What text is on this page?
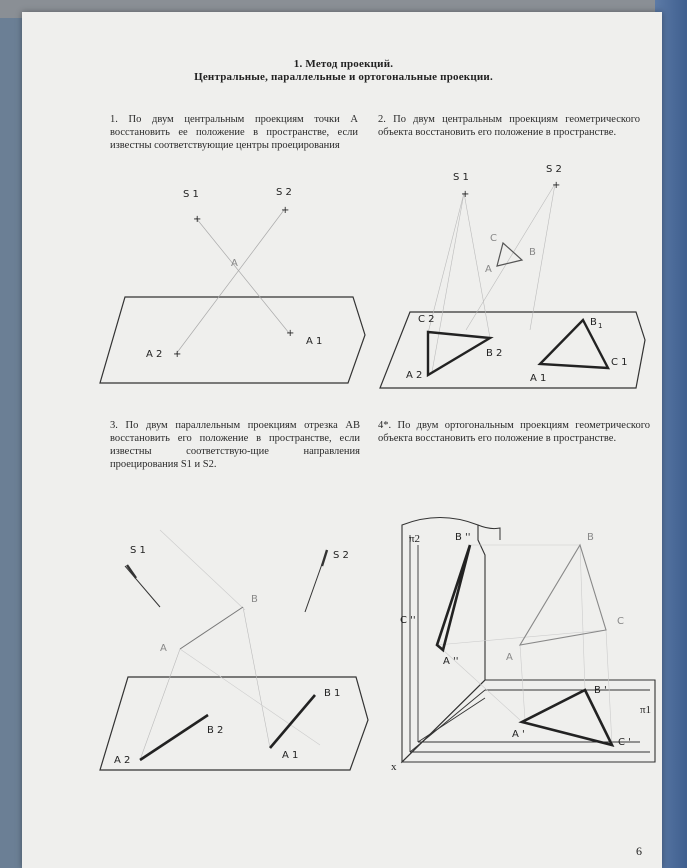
1. Метод проекций.
Центральные, параллельные и ортогональные проекции.
1. По двум центральным проекциям точки А восстановить ее положение в пространстве, если известны соответствующие центры проецирования
2. По двум центральным проекциям геометрического объекта восстановить его положение в пространстве.
3. По двум параллельным проекциям отрезка АВ восстановить его положение в пространстве, если известны соответствую-щие направления проецирования S1 и S2.
4*. По двум ортогональным проекциям геометрического объекта восстановить его положение в пространстве.
S 1	S 2
+
+
A
A 1
+
A 2 +
S 1
S 2
+
+
C
B
A
C 2
B 2
A 2
B 1
C 1
A 1
S 1	S 2
B
A
B 1
B 2
A 2	A 1
π2
π1
x
B ''
C ''
A ''
B '
A '
C '
B
C
A
6
